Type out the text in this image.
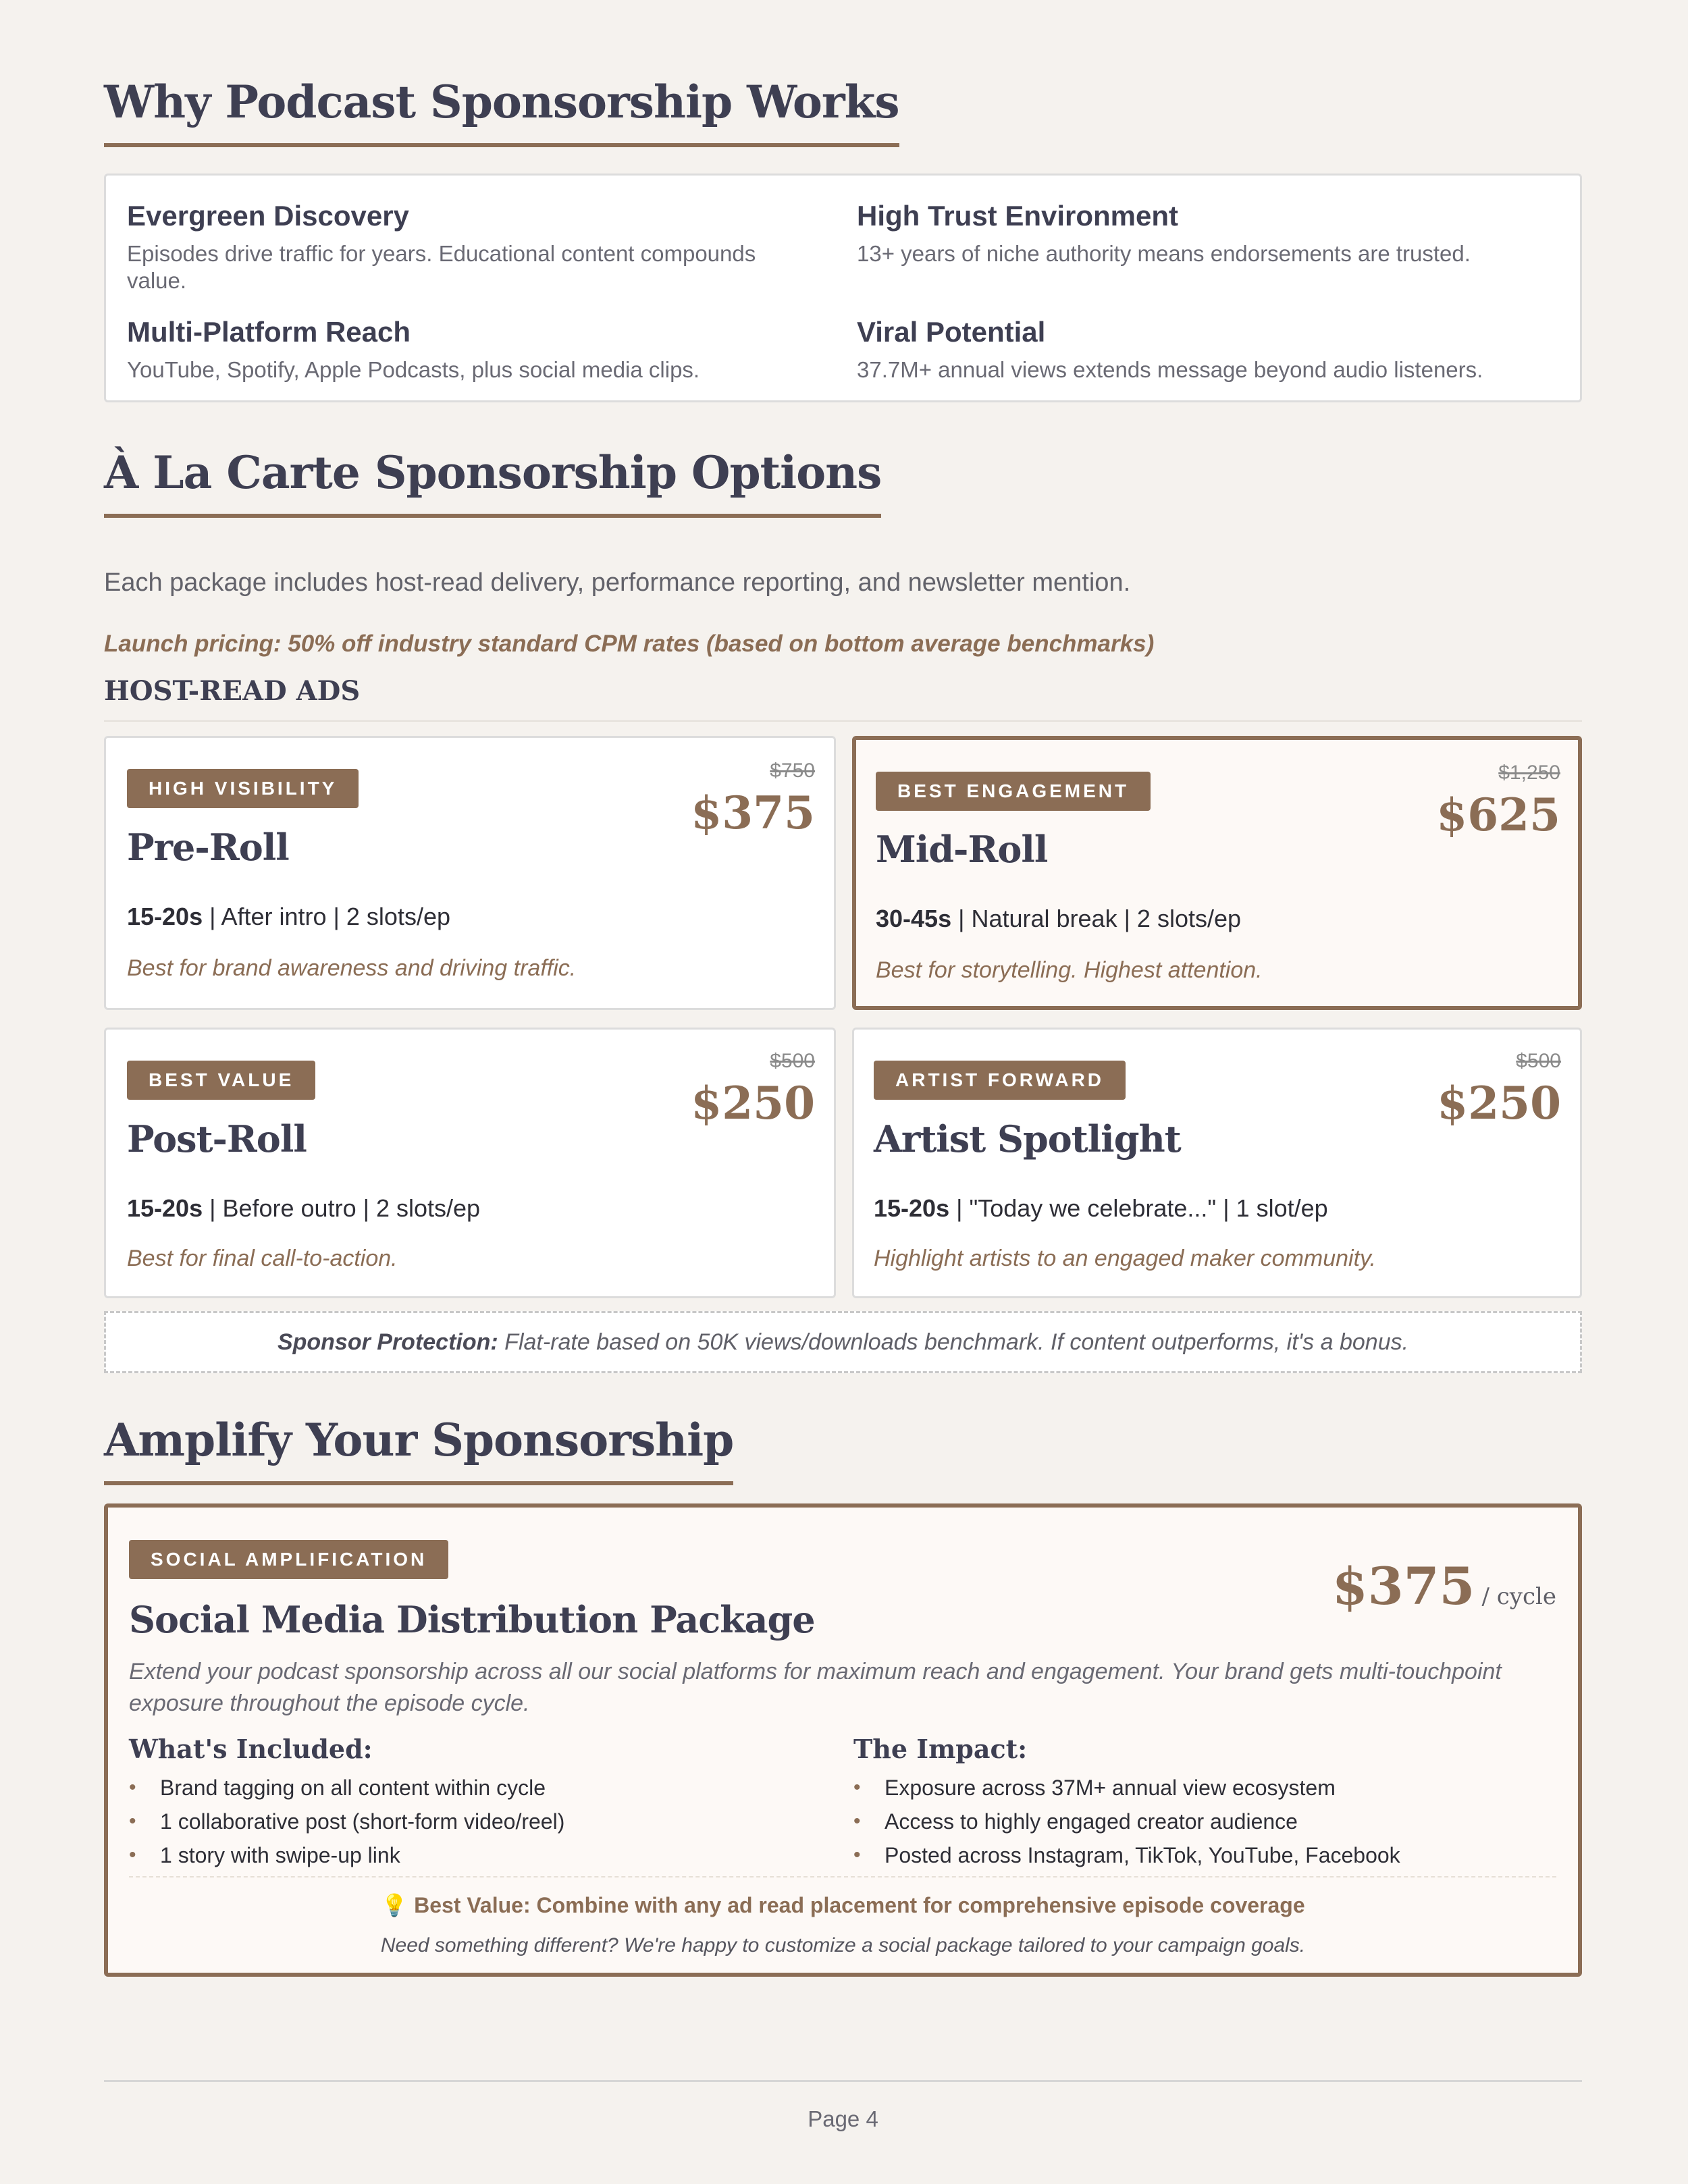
Why Podcast Sponsorship Works
Evergreen Discovery

Episodes drive traffic for years. Educational content compounds value.

High Trust Environment

13+ years of niche authority means endorsements are trusted.

Multi-Platform Reach

YouTube, Spotify, Apple Podcasts, plus social media clips.

Viral Potential

37.7M+ annual views extends message beyond audio listeners.

À La Carte Sponsorship Options

Each package includes host-read delivery, performance reporting, and newsletter mention.

Launch pricing: 50% off industry standard CPM rates (based on bottom average benchmarks)

HOST-READ ADS
HIGH VISIBILITY
$750
$375
Pre-Roll

15-20s | After intro | 2 slots/ep

Best for brand awareness and driving traffic.

BEST ENGAGEMENT
$1,250
$625
Mid-Roll

30-45s | Natural break | 2 slots/ep

Best for storytelling. Highest attention.

BEST VALUE
$500
$250
Post-Roll

15-20s | Before outro | 2 slots/ep

Best for final call-to-action.

ARTIST FORWARD
$500
$250
Artist Spotlight

15-20s | "Today we celebrate..." | 1 slot/ep

Highlight artists to an engaged maker community.

Sponsor Protection: Flat-rate based on 50K views/downloads benchmark. If content outperforms, it's a bonus.
Amplify Your Sponsorship
SOCIAL AMPLIFICATION	$375 / cycle
Social Media Distribution Package

Extend your podcast sponsorship across all our social platforms for maximum reach and engagement. Your brand gets multi-touchpoint exposure throughout the episode cycle.

What's Included:
• Brand tagging on all content within cycle
• 1 collaborative post (short-form video/reel)
• 1 story with swipe-up link
The Impact:
• Exposure across 37M+ annual view ecosystem
• Access to highly engaged creator audience
• Posted across Instagram, TikTok, YouTube, Facebook
💡 Best Value: Combine with any ad read placement for comprehensive episode coverage
Need something different? We're happy to customize a social package tailored to your campaign goals.
Page 4
